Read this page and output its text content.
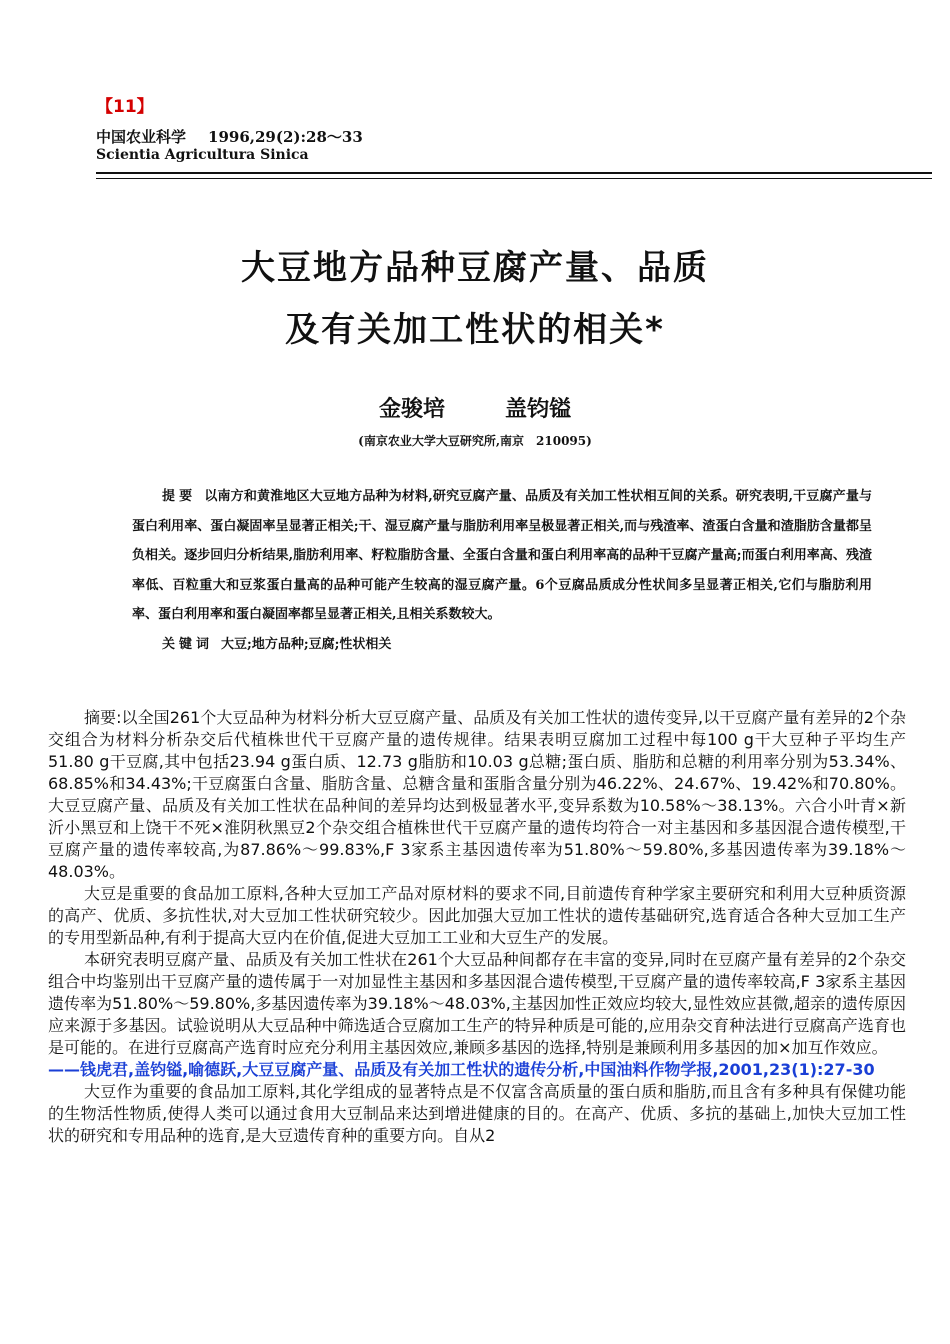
【11】
中国农业科学 1996,29(2):28～33
Scientia Agricultura Sinica
大豆地方品种豆腐产量、品质
及有关加工性状的相关*
金骏培	盖钧镒
(南京农业大学大豆研究所,南京　210095)

提要 以南方和黄淮地区大豆地方品种为材料,研究豆腐产量、品质及有关加工性状相互间的关系。研究表明,干豆腐产量与蛋白利用率、蛋白凝固率呈显著正相关;干、湿豆腐产量与脂肪利用率呈极显著正相关,而与残渣率、渣蛋白含量和渣脂肪含量都呈负相关。逐步回归分析结果,脂肪利用率、籽粒脂肪含量、全蛋白含量和蛋白利用率高的品种干豆腐产量高;而蛋白利用率高、残渣率低、百粒重大和豆浆蛋白量高的品种可能产生较高的湿豆腐产量。6个豆腐品质成分性状间多呈显著正相关,它们与脂肪利用率、蛋白利用率和蛋白凝固率都呈显著正相关,且相关系数较大。

关键词 大豆;地方品种;豆腐;性状相关

摘要:以全国261个大豆品种为材料分析大豆豆腐产量、品质及有关加工性状的遗传变异,以干豆腐产量有差异的2个杂交组合为材料分析杂交后代植株世代干豆腐产量的遗传规律。结果表明豆腐加工过程中每100 g干大豆种子平均生产51.80 g干豆腐,其中包括23.94 g蛋白质、12.73 g脂肪和10.03 g总糖;蛋白质、脂肪和总糖的利用率分别为53.34%、68.85%和34.43%;干豆腐蛋白含量、脂肪含量、总糖含量和蛋脂含量分别为46.22%、24.67%、19.42%和70.80%。大豆豆腐产量、品质及有关加工性状在品种间的差异均达到极显著水平,变异系数为10.58%～38.13%。六合小叶青×新沂小黑豆和上饶干不死×淮阴秋黑豆2个杂交组合植株世代干豆腐产量的遗传均符合一对主基因和多基因混合遗传模型,干豆腐产量的遗传率较高,为87.86%～99.83%,F 3家系主基因遗传率为51.80%～59.80%,多基因遗传率为39.18%～48.03%。

大豆是重要的食品加工原料,各种大豆加工产品对原材料的要求不同,目前遗传育种学家主要研究和利用大豆种质资源的高产、优质、多抗性状,对大豆加工性状研究较少。因此加强大豆加工性状的遗传基础研究,选育适合各种大豆加工生产的专用型新品种,有利于提高大豆内在价值,促进大豆加工工业和大豆生产的发展。

本研究表明豆腐产量、品质及有关加工性状在261个大豆品种间都存在丰富的变异,同时在豆腐产量有差异的2个杂交组合中均鉴别出干豆腐产量的遗传属于一对加显性主基因和多基因混合遗传模型,干豆腐产量的遗传率较高,F 3家系主基因遗传率为51.80%～59.80%,多基因遗传率为39.18%～48.03%,主基因加性正效应均较大,显性效应甚微,超亲的遗传原因应来源于多基因。试验说明从大豆品种中筛选适合豆腐加工生产的特异种质是可能的,应用杂交育种法进行豆腐高产选育也是可能的。在进行豆腐高产选育时应充分利用主基因效应,兼顾多基因的选择,特别是兼顾利用多基因的加×加互作效应。

——钱虎君,盖钧镒,喻德跃,大豆豆腐产量、品质及有关加工性状的遗传分析,中国油料作物学报,2001,23(1):27-30

大豆作为重要的食品加工原料,其化学组成的显著特点是不仅富含高质量的蛋白质和脂肪,而且含有多种具有保健功能的生物活性物质,使得人类可以通过食用大豆制品来达到增进健康的目的。在高产、优质、多抗的基础上,加快大豆加工性状的研究和专用品种的选育,是大豆遗传育种的重要方向。自从2
